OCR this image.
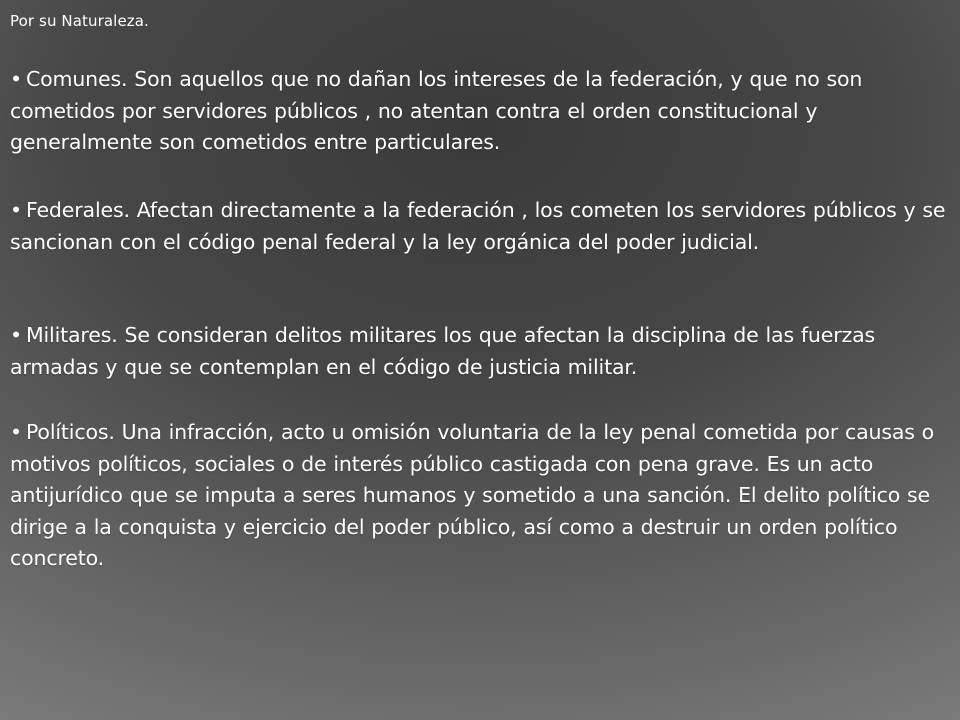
Por su Naturaleza.
• Comunes. Son aquellos que no dañan los intereses de la federación, y que no son cometidos por servidores públicos , no atentan contra el orden constitucional y generalmente son cometidos entre particulares.
• Federales. Afectan directamente a la federación , los cometen los servidores públicos y se sancionan con el código penal federal y la ley orgánica del poder judicial.
• Militares. Se consideran delitos militares los que afectan la disciplina de las fuerzas armadas y que se contemplan en el código de justicia militar.
• Políticos. Una infracción, acto u omisión voluntaria de la ley penal cometida por causas o motivos políticos, sociales o de interés público castigada con pena grave. Es un acto antijurídico que se imputa a seres humanos y sometido a una sanción. El delito político se dirige a la conquista y ejercicio del poder público, así como a destruir un orden político concreto.
